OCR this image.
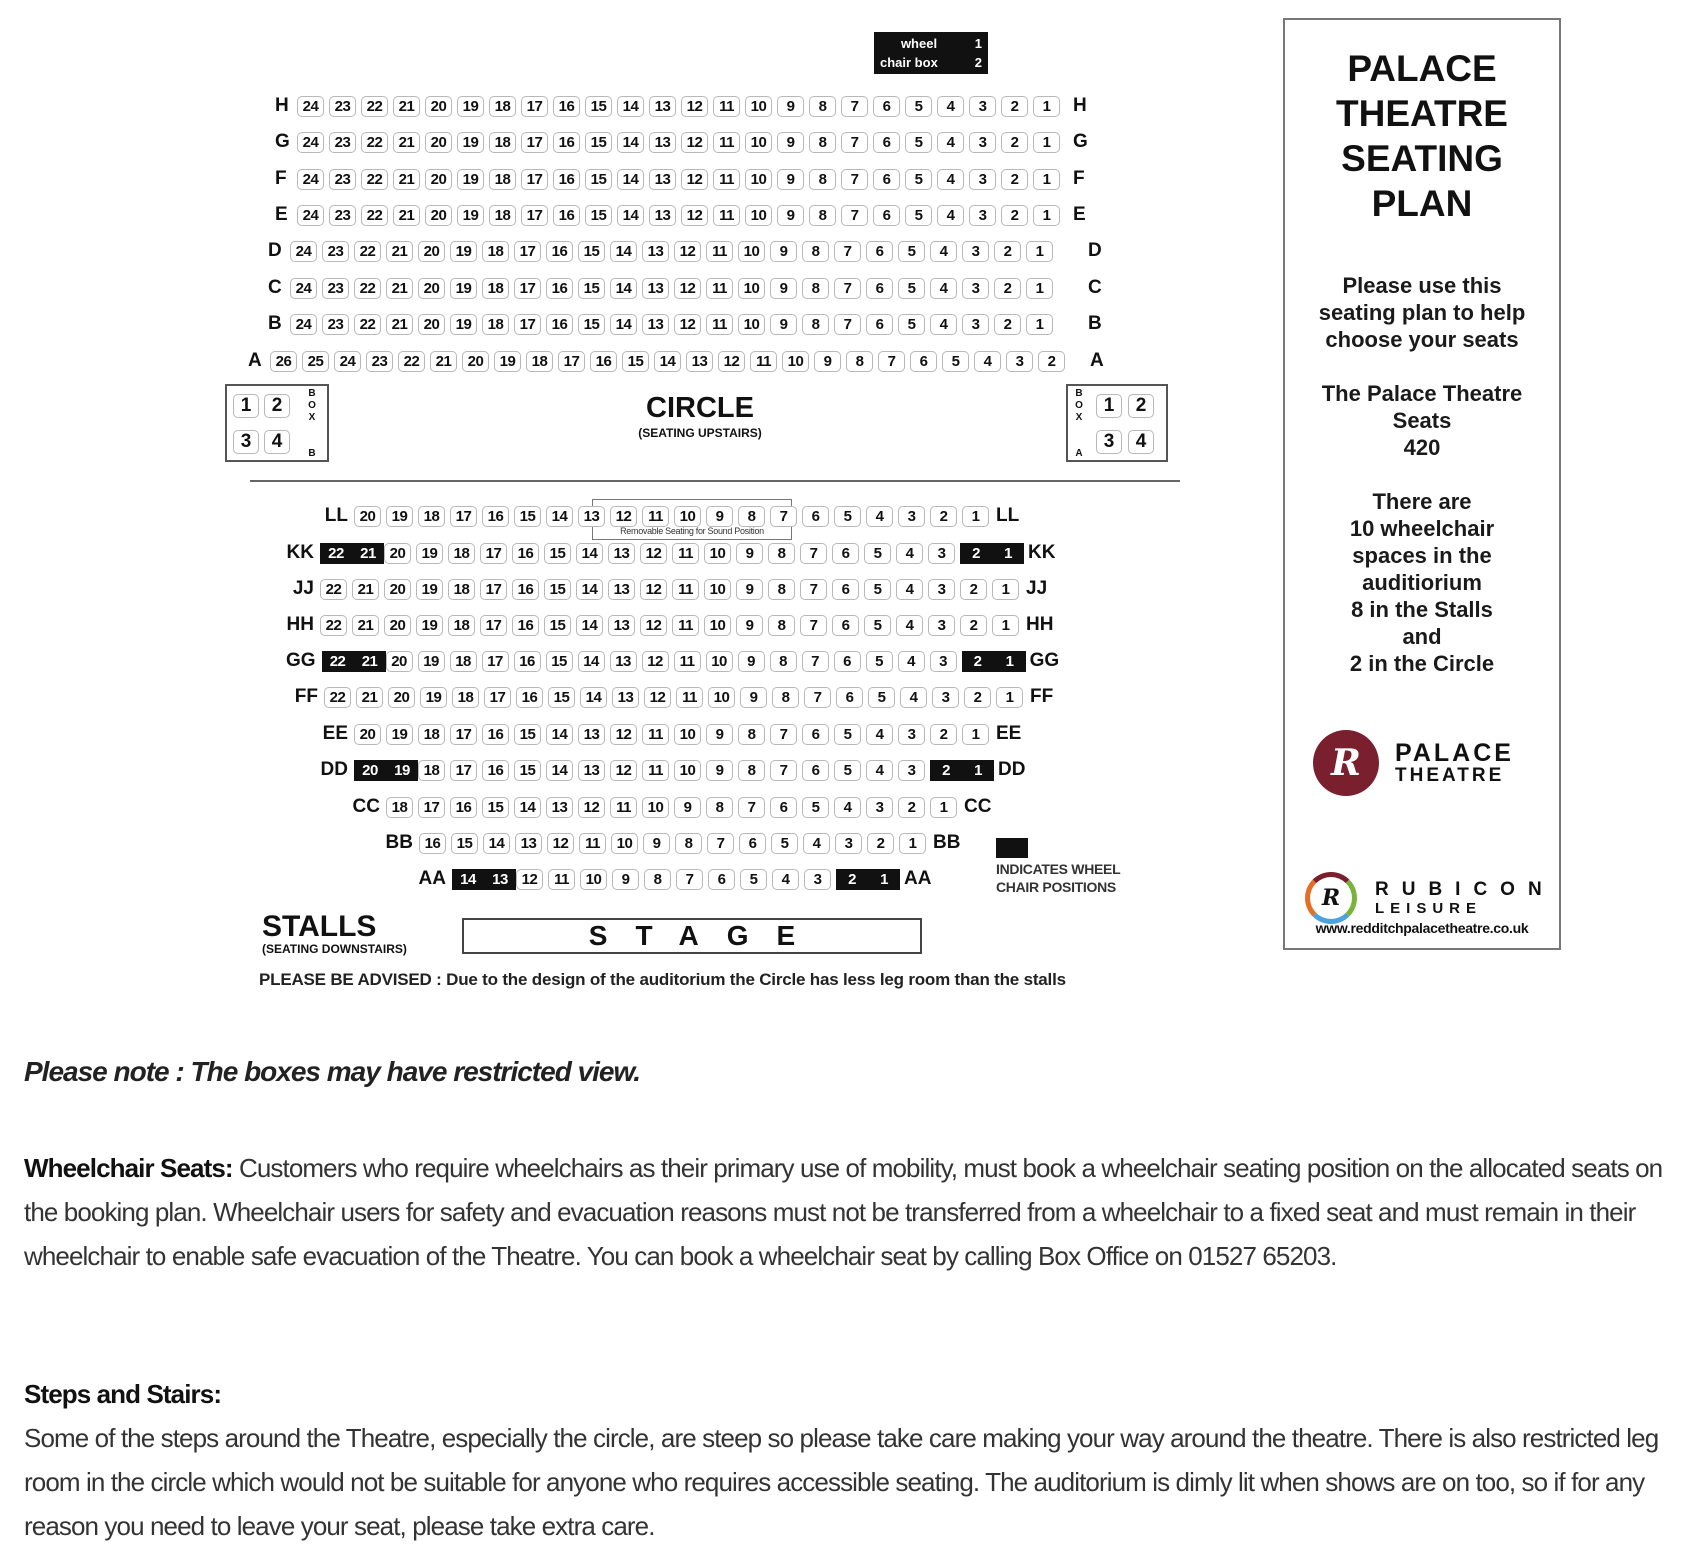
wheel	1
chair box	2
H 24	23	22	21	20	19	18	17	16	15	14	13	12	11	10	9	8	7	6	5	4	3	2	1	H
G 24	23	22	21	20	19	18	17	16	15	14	13	12	11	10	9	8	7	6	5	4	3	2	1	G
F	24	23	22	21	20	19	18	17	16	15	14	13	12	11	10	9	8	7	6	5	4	3	2	1	F
E 24	23	22	21	20	19	18	17	16	15	14	13	12	11	10	9	8	7	6	5	4	3	2	1	E
D 24	23	22	21	20	19	18	17	16	15	14	13	12	11	10	9	8	7	6	5	4	3	2	1	D
C 24	23	22	21	20	19	18	17	16	15	14	13	12	11	10	9	8	7	6	5	4	3	2	1	C
B 24	23	22	21	20	19	18	17	16	15	14	13	12	11	10	9	8	7	6	5	4	3	2	1	B
A 26	25	24	23	22	21	20	19	18	17	16	15	14	13	12	11	10	9	8	7	6	5	4	3	2	A
1	2
3	4
B
O
X

B
B
O
X

A
1	2
3	4
CIRCLE
(SEATING UPSTAIRS)
Removable Seating for Sound Position
LL 20	19	18	17	16	15	14	13	12	11	10	9	8	7	6	5	4	3	2	1 LL
KK 22	21 20	19	18	17	16	15	14	13	12	11	10	9	8	7	6	5	4	3	2	1 KK
JJ 22	21	20	19	18	17	16	15	14	13	12	11	10	9	8	7	6	5	4	3	2	1 JJ
HH 22	21	20	19	18	17	16	15	14	13	12	11	10	9	8	7	6	5	4	3	2	1 HH
GG 22	21 20	19	18	17	16	15	14	13	12	11	10	9	8	7	6	5	4	3	2	1 GG
FF 22	21	20	19	18	17	16	15	14	13	12	11	10	9	8	7	6	5	4	3	2	1 FF
EE 20	19	18	17	16	15	14	13	12	11	10	9	8	7	6	5	4	3	2	1 EE
DD 20	19 18	17	16	15	14	13	12	11	10	9	8	7	6	5	4	3	2	1 DD
CC 18	17	16	15	14	13	12	11	10	9	8	7	6	5	4	3	2	1 CC
BB 16	15	14	13	12	11	10	9	8	7	6	5	4	3	2	1 BB
AA 14	13 12	11	10	9	8	7	6	5	4	3	2	1 AA	INDICATES WHEEL
CHAIR POSITIONS
STALLS
(SEATING DOWNSTAIRS)	STAGE
PLEASE BE ADVISED : Due to the design of the auditorium the Circle has less leg room than the stalls
PALACE
THEATRE
SEATING
PLAN
Please use this
seating plan to help
choose your seats
The Palace Theatre
Seats
420
There are
10 wheelchair
spaces in the
auditiorium
8 in the Stalls
and
2 in the Circle
R	PALACE
THEATRE
R	RUBICON
LEISURE
www.redditchpalacetheatre.co.uk
Please note : The boxes may have restricted view.
Wheelchair Seats: Customers who require wheelchairs as their primary use of mobility, must book a wheelchair seating position on the allocated seats on the booking plan. Wheelchair users for safety and evacuation reasons must not be transferred from a wheelchair to a fixed seat and must remain in their wheelchair to enable safe evacuation of the Theatre. You can book a wheelchair seat by calling Box Office on 01527 65203.
Steps and Stairs:
Some of the steps around the Theatre, especially the circle, are steep so please take care making your way around the theatre. There is also restricted leg room in the circle which would not be suitable for anyone who requires accessible seating. The auditorium is dimly lit when shows are on too, so if for any reason you need to leave your seat, please take extra care.
